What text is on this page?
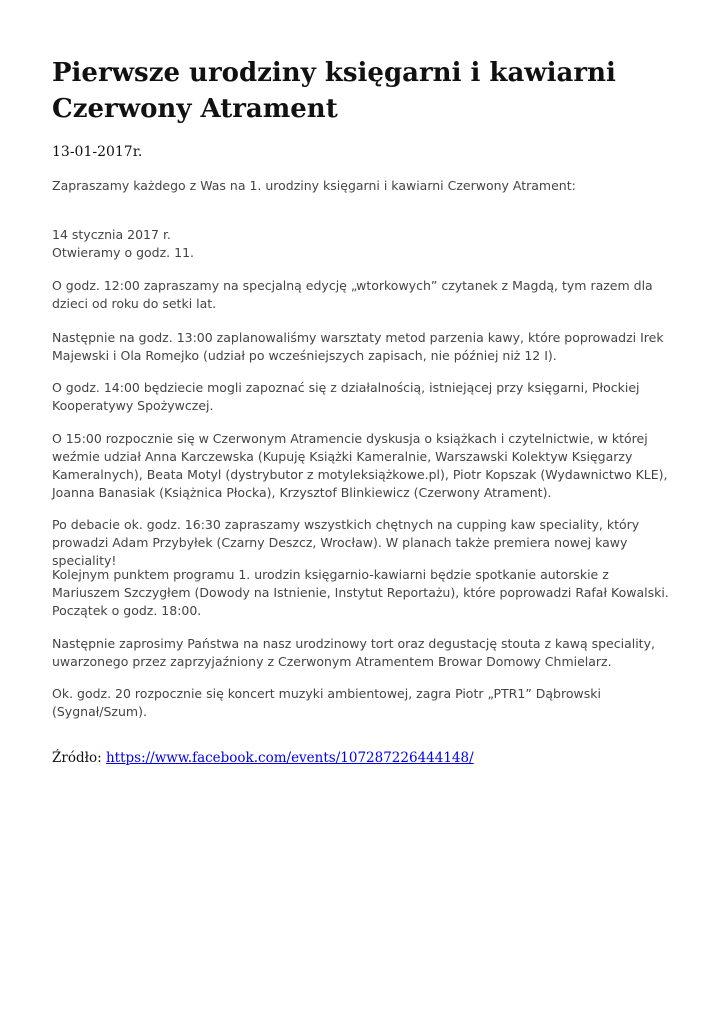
Pierwsze urodziny księgarni i kawiarni Czerwony Atrament

13-01-2017r.

Zapraszamy każdego z Was na 1. urodziny księgarni i kawiarni Czerwony Atrament:

14 stycznia 2017 r.

Otwieramy o godz. 11.

O godz. 12:00 zapraszamy na specjalną edycję „wtorkowych” czytanek z Magdą, tym razem dla dzieci od roku do setki lat.

Następnie na godz. 13:00 zaplanowaliśmy warsztaty metod parzenia kawy, które poprowadzi Irek Majewski i Ola Romejko (udział po wcześniejszych zapisach, nie później niż 12 I).

O godz. 14:00 będziecie mogli zapoznać się z działalnością, istniejącej przy księgarni, Płockiej Kooperatywy Spożywczej.

O 15:00 rozpocznie się w Czerwonym Atramencie dyskusja o książkach i czytelnictwie, w której weźmie udział Anna Karczewska (Kupuję Książki Kameralnie, Warszawski Kolektyw Księgarzy Kameralnych), Beata Motyl (dystrybutor z motyleksiążkowe.pl), Piotr Kopszak (Wydawnictwo KLE), Joanna Banasiak (Książnica Płocka), Krzysztof Blinkiewicz (Czerwony Atrament).

Po debacie ok. godz. 16:30 zapraszamy wszystkich chętnych na cupping kaw speciality, który prowadzi Adam Przybyłek (Czarny Deszcz, Wrocław). W planach także premiera nowej kawy speciality!

Kolejnym punktem programu 1. urodzin księgarnio-kawiarni będzie spotkanie autorskie z Mariuszem Szczygłem (Dowody na Istnienie, Instytut Reportażu), które poprowadzi Rafał Kowalski. Początek o godz. 18:00.

Następnie zaprosimy Państwa na nasz urodzinowy tort oraz degustację stouta z kawą speciality, uwarzonego przez zaprzyjaźniony z Czerwonym Atramentem Browar Domowy Chmielarz.

Ok. godz. 20 rozpocznie się koncert muzyki ambientowej, zagra Piotr „PTR1” Dąbrowski (Sygnał/Szum).

Źródło: https://www.facebook.com/events/107287226444148/
